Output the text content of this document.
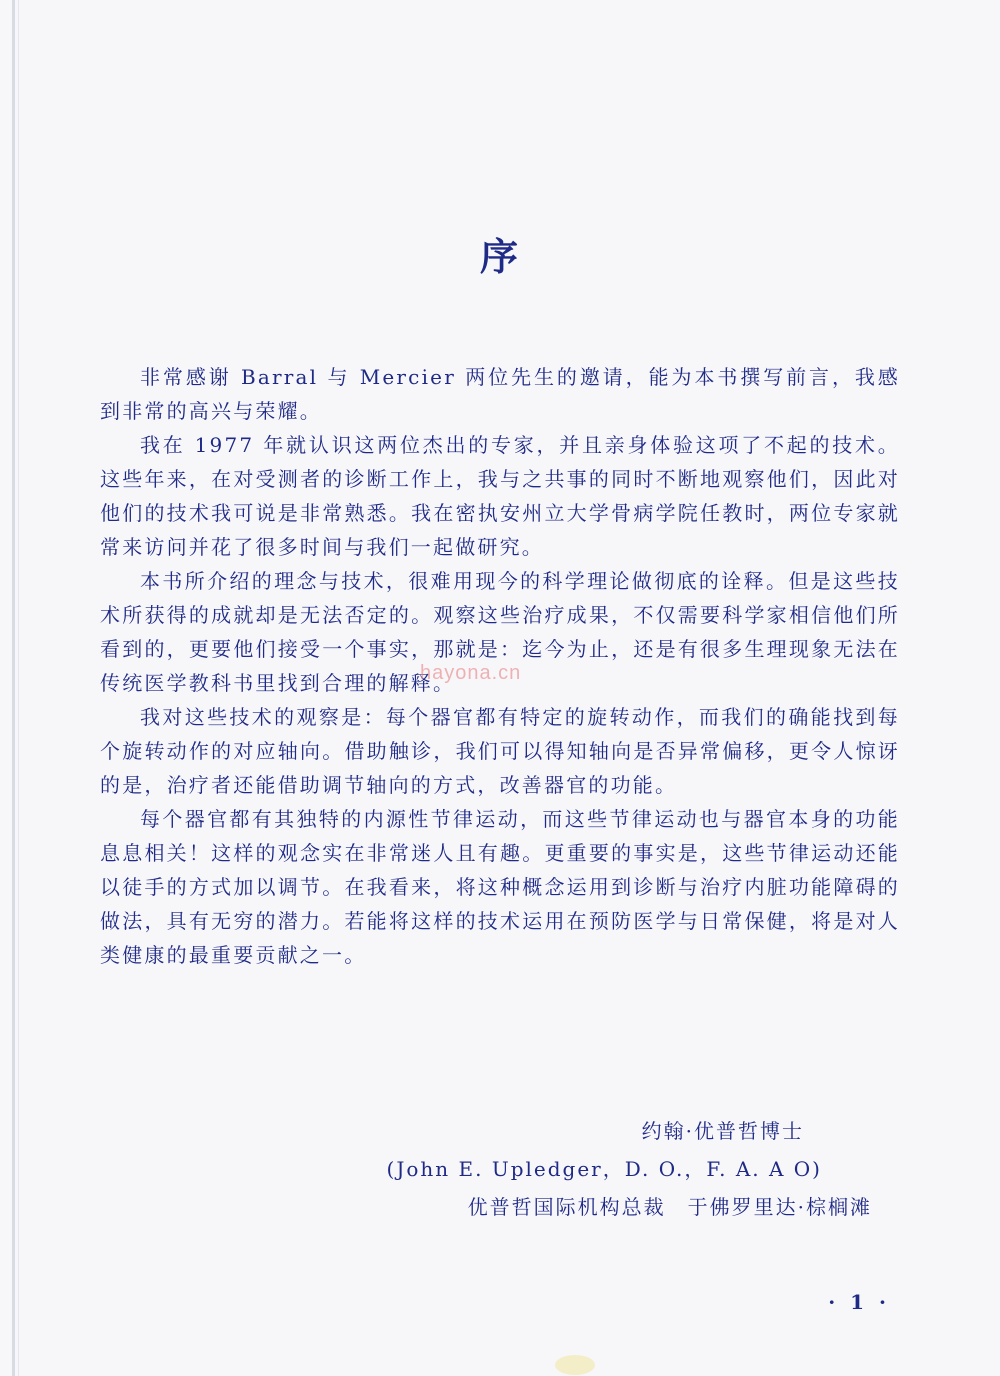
序

非常感谢 Barral 与 Mercier 两位先生的邀请，能为本书撰写前言，我感到非常的高兴与荣耀。

我在 1977 年就认识这两位杰出的专家，并且亲身体验这项了不起的技术。这些年来，在对受测者的诊断工作上，我与之共事的同时不断地观察他们，因此对他们的技术我可说是非常熟悉。我在密执安州立大学骨病学院任教时，两位专家就常来访问并花了很多时间与我们一起做研究。

本书所介绍的理念与技术，很难用现今的科学理论做彻底的诠释。但是这些技术所获得的成就却是无法否定的。观察这些治疗成果，不仅需要科学家相信他们所看到的，更要他们接受一个事实，那就是：迄今为止，还是有很多生理现象无法在传统医学教科书里找到合理的解释。

我对这些技术的观察是：每个器官都有特定的旋转动作，而我们的确能找到每个旋转动作的对应轴向。借助触诊，我们可以得知轴向是否异常偏移，更令人惊讶的是，治疗者还能借助调节轴向的方式，改善器官的功能。

每个器官都有其独特的内源性节律运动，而这些节律运动也与器官本身的功能息息相关！这样的观念实在非常迷人且有趣。更重要的事实是，这些节律运动还能以徒手的方式加以调节。在我看来，将这种概念运用到诊断与治疗内脏功能障碍的做法，具有无穷的潜力。若能将这样的技术运用在预防医学与日常保健，将是对人类健康的最重要贡献之一。

hayona.cn
约翰·优普哲博士
(John E. Upledger，D. O.，F. A. A O)
优普哲国际机构总裁　于佛罗里达·棕榈滩
· 1 ·
